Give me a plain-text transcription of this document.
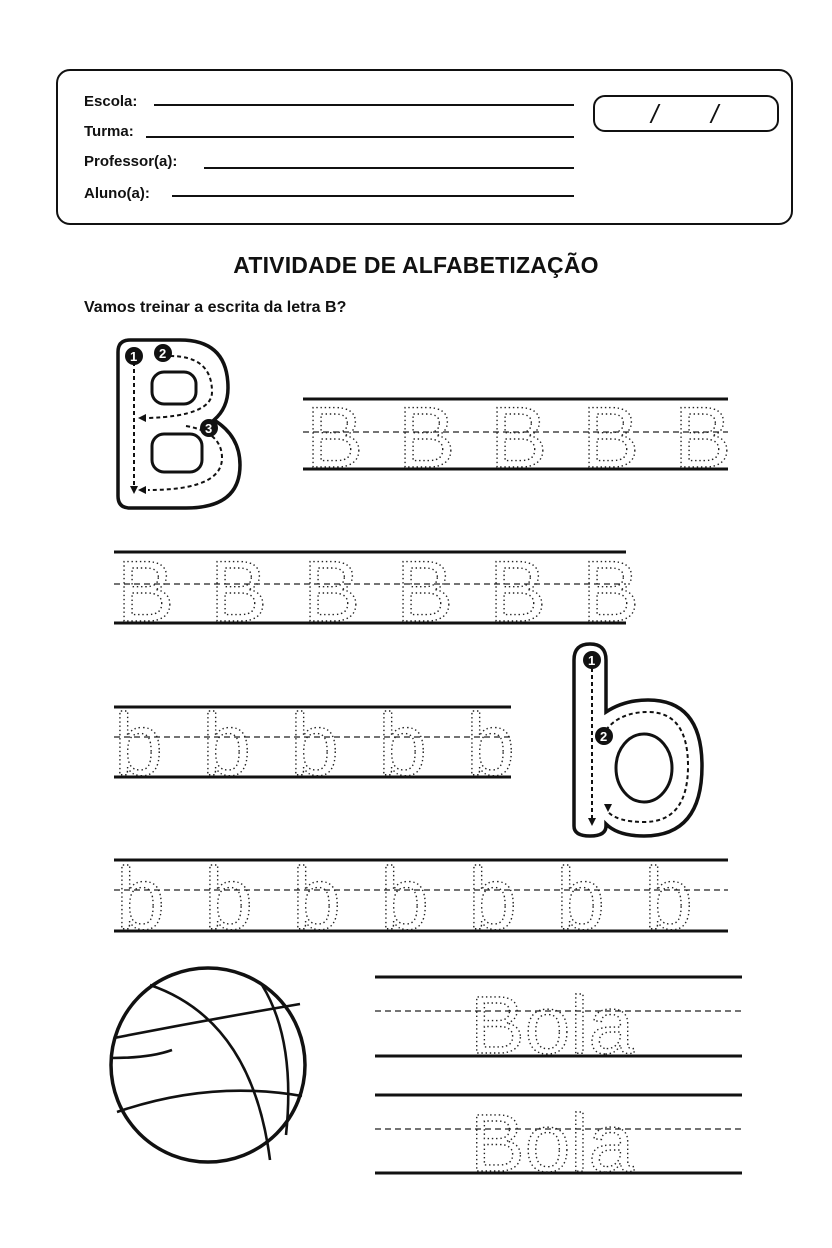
Escola:
Turma:
Professor(a):
Aluno(a):
/ /
ATIVIDADE DE ALFABETIZAÇÃO
Vamos treinar a escrita da letra B?
1 2
3 B B B B B
B B B B B B
b b b b b
1
2
b b b b b b b
Bola
Bola
